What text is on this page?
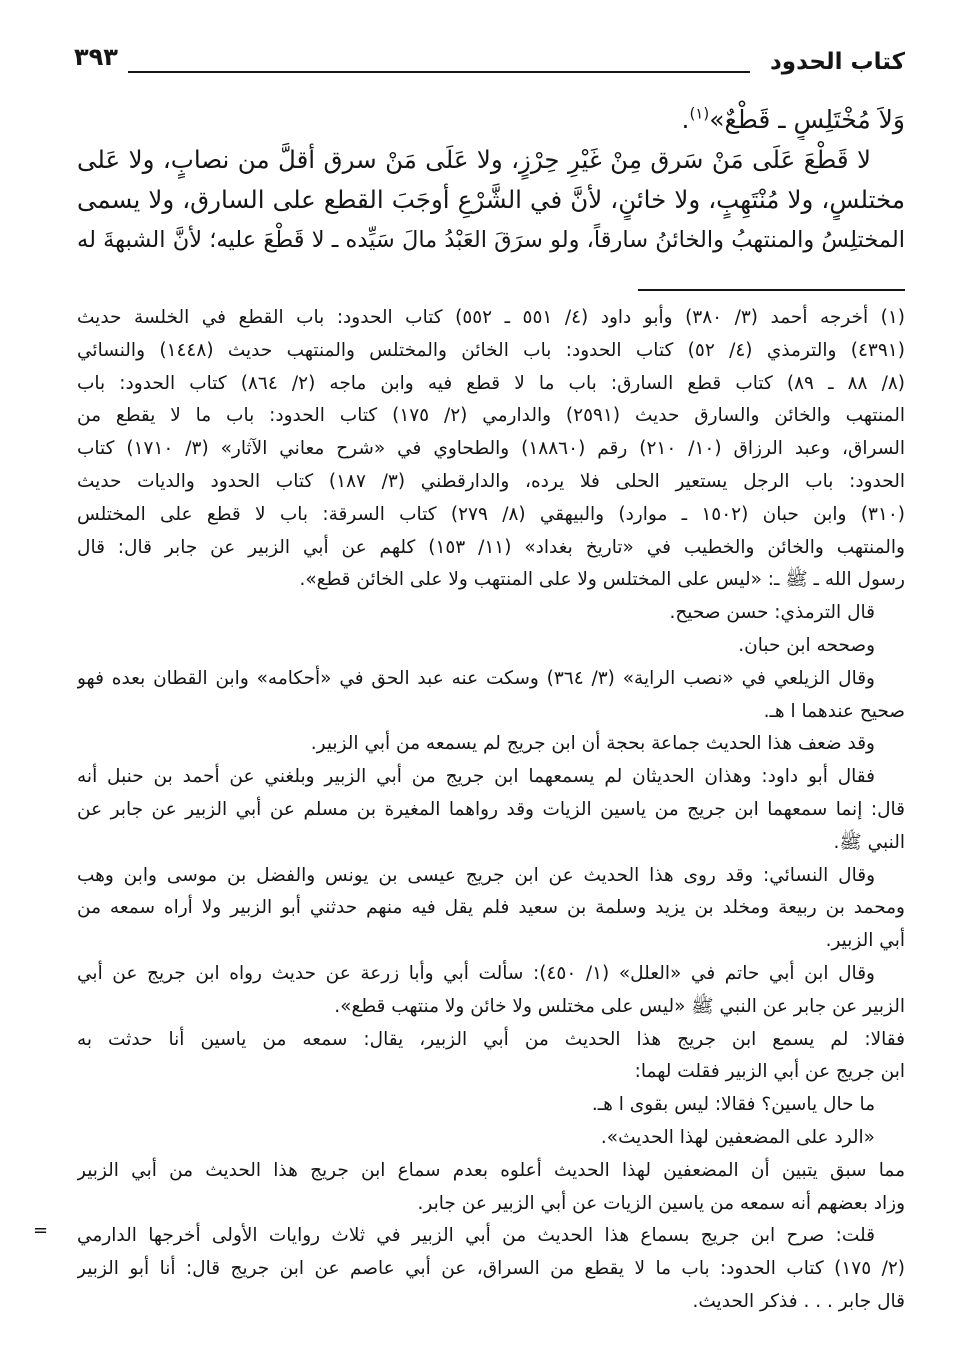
كتاب الحدود
٣٩٣
وَلاَ مُخْتَلِسٍ ـ قَطْعٌ»$^{(١)}$.
لا قَطْعَ عَلَى مَنْ سَرق مِنْ غَيْرِ حِرْزٍ، ولا عَلَى مَنْ سرق أقلَّ من نصابٍ، ولا عَلى
مختلسٍ، ولا مُنْتَهِبٍ، ولا خائنٍ، لأنَّ في الشَّرْعِ أوجَبَ القطع على السارق، ولا يسمى
المختلِسُ والمنتهبُ والخائنُ سارقاً، ولو سرَقَ العَبْدُ مالَ سَيِّده ـ لا قَطْعَ عليه؛ لأنَّ الشبهةَ له
(١) أخرجه أحمد (٣/ ٣٨٠) وأبو داود (٤/ ٥٥١ ـ ٥٥٢) كتاب الحدود: باب القطع في الخلسة حديث
(٤٣٩١) والترمذي (٤/ ٥٢) كتاب الحدود: باب الخائن والمختلس والمنتهب حديث (١٤٤٨) والنسائي
(٨/ ٨٨ ـ ٨٩) كتاب قطع السارق: باب ما لا قطع فيه وابن ماجه (٢/ ٨٦٤) كتاب الحدود: باب
المنتهب والخائن والسارق حديث (٢٥٩١) والدارمي (٢/ ١٧٥) كتاب الحدود: باب ما لا يقطع من
السراق، وعبد الرزاق (١٠/ ٢١٠) رقم (١٨٨٦٠) والطحاوي في «شرح معاني الآثار» (٣/ ١٧١٠) كتاب
الحدود: باب الرجل يستعير الحلى فلا يرده، والدارقطني (٣/ ١٨٧) كتاب الحدود والديات حديث
(٣١٠) وابن حبان (١٥٠٢ ـ موارد) والبيهقي (٨/ ٢٧٩) كتاب السرقة: باب لا قطع على المختلس
والمنتهب والخائن والخطيب في «تاريخ بغداد» (١١/ ١٥٣) كلهم عن أبي الزبير عن جابر قال: قال
رسول الله ـ ﷺ ـ: «ليس على المختلس ولا على المنتهب ولا على الخائن قطع».
قال الترمذي: حسن صحيح.
وصححه ابن حبان.
وقال الزيلعي في «نصب الراية» (٣/ ٣٦٤) وسكت عنه عبد الحق في «أحكامه» وابن القطان بعده فهو
صحيح عندهما ا هـ.
وقد ضعف هذا الحديث جماعة بحجة أن ابن جريج لم يسمعه من أبي الزبير.
فقال أبو داود: وهذان الحديثان لم يسمعهما ابن جريج من أبي الزبير وبلغني عن أحمد بن حنبل أنه
قال: إنما سمعهما ابن جريج من ياسين الزيات وقد رواهما المغيرة بن مسلم عن أبي الزبير عن جابر عن
النبي ﷺ.
وقال النسائي: وقد روى هذا الحديث عن ابن جريج عيسى بن يونس والفضل بن موسى وابن وهب
ومحمد بن ربيعة ومخلد بن يزيد وسلمة بن سعيد فلم يقل فيه منهم حدثني أبو الزبير ولا أراه سمعه من
أبي الزبير.
وقال ابن أبي حاتم في «العلل» (١/ ٤٥٠): سألت أبي وأبا زرعة عن حديث رواه ابن جريج عن أبي
الزبير عن جابر عن النبي ﷺ «ليس على مختلس ولا خائن ولا منتهب قطع».
فقالا: لم يسمع ابن جريج هذا الحديث من أبي الزبير، يقال: سمعه من ياسين أنا حدثت به
ابن جريج عن أبي الزبير فقلت لهما:
ما حال ياسين؟ فقالا: ليس بقوى ا هـ.
«الرد على المضعفين لهذا الحديث».
مما سبق يتبين أن المضعفين لهذا الحديث أعلوه بعدم سماع ابن جريج هذا الحديث من أبي الزبير
وزاد بعضهم أنه سمعه من ياسين الزيات عن أبي الزبير عن جابر.
قلت: صرح ابن جريج بسماع هذا الحديث من أبي الزبير في ثلاث روايات الأولى أخرجها الدارمي
(٢/ ١٧٥) كتاب الحدود: باب ما لا يقطع من السراق، عن أبي عاصم عن ابن جريج قال: أنا أبو الزبير
قال جابر . . . فذكر الحديث.
=
